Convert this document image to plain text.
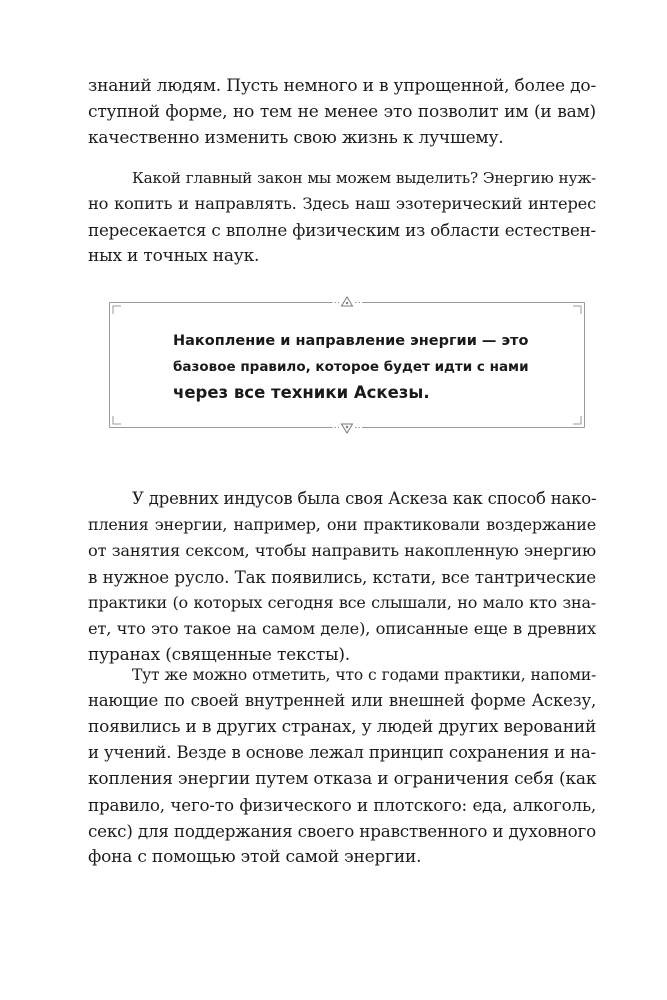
знаний людям. Пусть немного и в упрощенной, более до-
ступной форме, но тем не менее это позволит им (и вам)
качественно изменить свою жизнь к лучшему.
Какой главный закон мы можем выделить? Энергию нуж-
но копить и направлять. Здесь наш эзотерический интерес
пересекается с вполне физическим из области естествен-
ных и точных наук.
Накопление и направление энергии — это
базовое правило, которое будет идти с нами
через все техники Аскезы.
У древних индусов была своя Аскеза как способ нако-
пления энергии, например, они практиковали воздержание
от занятия сексом, чтобы направить накопленную энергию
в нужное русло. Так появились, кстати, все тантрические
практики (о которых сегодня все слышали, но мало кто зна-
ет, что это такое на самом деле), описанные еще в древних
пуранах (священные тексты).
Тут же можно отметить, что с годами практики, напоми-
нающие по своей внутренней или внешней форме Аскезу,
появились и в других странах, у людей других верований
и учений. Везде в основе лежал принцип сохранения и на-
копления энергии путем отказа и ограничения себя (как
правило, чего-то физического и плотского: еда, алкоголь,
секс) для поддержания своего нравственного и духовного
фона с помощью этой самой энергии.
